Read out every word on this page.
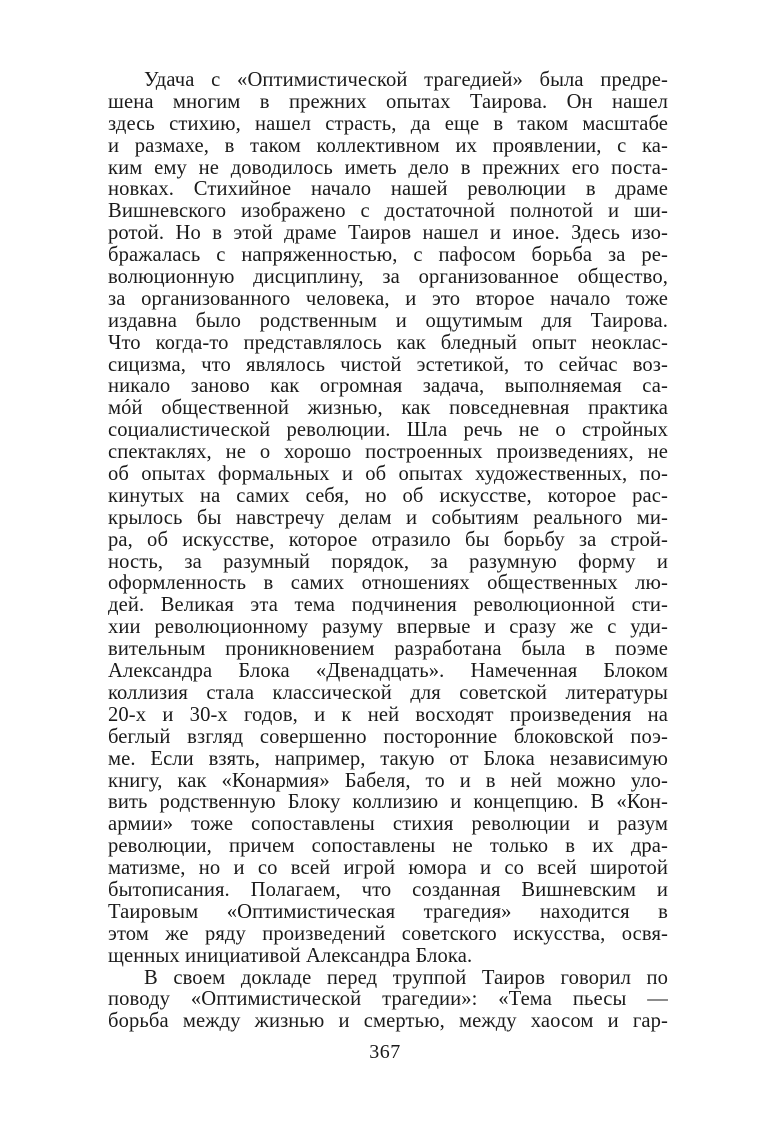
Удача с «Оптимистической трагедией» была предре-
шена многим в прежних опытах Таирова. Он нашел
здесь стихию, нашел страсть, да еще в таком масштабе
и размахе, в таком коллективном их проявлении, с ка-
ким ему не доводилось иметь дело в прежних его поста-
новках. Стихийное начало нашей революции в драме
Вишневского изображено с достаточной полнотой и ши-
ротой. Но в этой драме Таиров нашел и иное. Здесь изо-
бражалась с напряженностью, с пафосом борьба за ре-
волюционную дисциплину, за организованное общество,
за организованного человека, и это второе начало тоже
издавна было родственным и ощутимым для Таирова.
Что когда-то представлялось как бледный опыт неоклас-
сицизма, что являлось чистой эстетикой, то сейчас воз-
никало заново как огромная задача, выполняемая са-
мóй общественной жизнью, как повседневная практика
социалистической революции. Шла речь не о стройных
спектаклях, не о хорошо построенных произведениях, не
об опытах формальных и об опытах художественных, по-
кинутых на самих себя, но об искусстве, которое рас-
крылось бы навстречу делам и событиям реального ми-
ра, об искусстве, которое отразило бы борьбу за строй-
ность, за разумный порядок, за разумную форму и
оформленность в самих отношениях общественных лю-
дей. Великая эта тема подчинения революционной сти-
хии революционному разуму впервые и сразу же с уди-
вительным проникновением разработана была в поэме
Александра Блока «Двенадцать». Намеченная Блоком
коллизия стала классической для советской литературы
20-х и 30-х годов, и к ней восходят произведения на
беглый взгляд совершенно посторонние блоковской поэ-
ме. Если взять, например, такую от Блока независимую
книгу, как «Конармия» Бабеля, то и в ней можно уло-
вить родственную Блоку коллизию и концепцию. В «Кон-
армии» тоже сопоставлены стихия революции и разум
революции, причем сопоставлены не только в их дра-
матизме, но и со всей игрой юмора и со всей широтой
бытописания. Полагаем, что созданная Вишневским и
Таировым «Оптимистическая трагедия» находится в
этом же ряду произведений советского искусства, освя-
щенных инициативой Александра Блока.
В своем докладе перед труппой Таиров говорил по
поводу «Оптимистической трагедии»: «Тема пьесы —
борьба между жизнью и смертью, между хаосом и гар-
367
